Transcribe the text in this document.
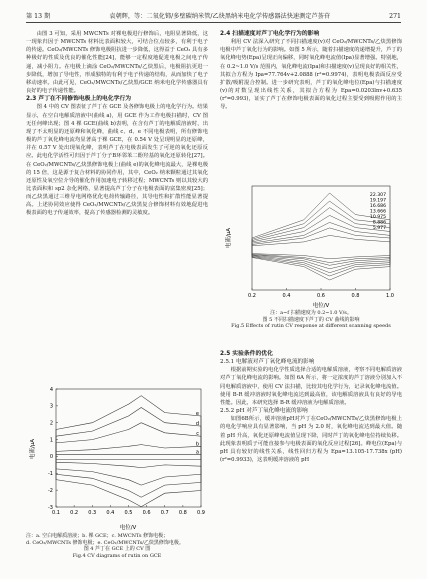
第 13 期	袁朝辉，等：二氧化铈/多壁碳纳米管/乙炔黑纳米电化学传感器法快速测定芦荟苷	271

由图 3 可知，采用 MWCNTs 对裸电极进行修饰后，电阻显著降低，这一现象归因于 MWCNTs 材料比表面积较大，可结合位点较多，有利于电子的传递。CeO₂/MWCNTs 修饰电极阻抗进一步降低，这得益于 CeO₂ 具有多种极好的性质及优良的催化性能[24]，能够一定程度地促进电极之间电子传递，减小阻力。在电极上滴涂 CeO₂/MWCNTs/乙炔黑后，电极阻抗更进一步降低，增加了导电性，形成独特的有利于电子传递的结构，从而加快了电子移动速率。由此可见，CeO₂/MWCNTs/乙炔黑/GCE 纳米电化学传感器具有良好的电子传递性能。

2.3 芦丁在不同修饰电极上的电化学行为

图 4 中的 CV 图表征了芦丁在 GCE 及各修饰电极上的电化学行为。结果显示，在空白电解质溶液中(曲线 a)，用 GCE 作为工作电极扫描时，CV 图无任何峰出现；图 4 裸 GCE(曲线 b)表明，在含有芦丁的电解质溶液时，出现了不太明显的还原峰和氧化峰，曲线 c、d、e 不同电极表明，所有修饰电极的芦丁氧化峰电流均显著高于裸 GCE，在 0.54 V 处呈现明显的还原峰，并在 0.57 V 处出现氧化峰，表明芦丁在电极表面发生了可逆的氧化还原反应。此电化学活性可归因于芦丁分子B环邻苯二酚羟基的氧化还原转化[27]。在 CeO₂/MWCNTs/乙炔黑修饰电极上(曲线 e)的氧化峰电流最大，是裸电极的 15 倍，这是源于复合材料的协同作用，其中，CeO₂ 纳米颗粒通过其氧化还原性及氧空位介导的催化作用加速电子转移过程；MWCNTs 则以其较大的比表面积和 sp2 杂化网络，显著提高芦丁分子在电极表面的富集密度[25]；而乙炔黑通过三维导电网络优化电荷传输路径，其导电性和扩散性能显著提高。上述协同效应使得 CeO₂/MWCNTs/乙炔黑复合修饰材料有效地促进电极表面的电子传递效率，提高了传感器检测的灵敏度。

电流/μA
电位/V
0.1 0.2 0.3 0.4 0.5 0.6 0.7 0.8 0.9
4
3
2
1
0
-1
-2
-3
a
b
c
d
e
注：a. 空白电解质溶液；b. 裸 GCE；c. MWCNTs 修饰电极；
d. CeO₂/MWCNTs 修饰电极；e. CeO₂/MWCNTs/乙炔黑修饰电极。
图 4 芦丁在 GCE 上的 CV 图
Fig.4 CV diagrams of rutin on GCE

2.4 扫描速度对芦丁电化学行为的影响

利用 CV 法深入研究了不同扫描速度(v)对 CeO₂/MWCNTs/乙炔黑修饰电极中芦丁氧化行为的影响。如图 5 所示，随着扫描速度的递增提升，芦丁的氧化峰电势(Epa)呈现正向偏移，同时氧化峰电流值(Ipa)显著增强。特别地，在 0.2~1.0 V/s 范围内，氧化峰电流(Ipa)和扫描速度(v)呈现良好的相关性，其拟合方程为 Ipa=77.764v+2.0888 (r²=0.9974)，表明电极表面反应受扩散/吸附混合控制。进一步研究表明，芦丁的氧化峰电位(Epa)与扫描速度(v)的对数呈现出线性关系，其拟合方程为 Epa=0.0203lnv+0.635 (r²=0.993)，证实了芦丁在修饰电极表面的氧化过程主要受到吸附作用的主导。

电流/μA
电位/V
0.2	0.4	0.6	0.8	1.0
22.307
19.197
16.686
13.666
10.975
8.886
5.977
注：a~f 扫描速度为 0.2~1.0 V/s。
图 5 不同扫描速度下芦丁的 CV 曲线的影响
Fig.5 Effects of rutin CV response at different scanning speeds

2.5 实验条件的优化

2.5.1 电解液对芦丁氧化峰电流的影响

根据前期实验的电化学性质选择合适的电解质溶液，考察不同电解质溶液对芦丁氧化峰电流的影响。如图 6A 所示，将一定浓度的芦丁溶液分别加入不同电解质溶液中，使用 CV 法扫描，比较其电化学行为，记录氧化峰电流值。使用 B-R 缓冲溶液时氧化峰电流达到最高值，该电解质溶液具有良好的导电性能。因此，本研究选择 B-R 缓冲溶液为电解质溶液。

2.5.2 pH 对芦丁氧化峰电流的影响

如图6B所示，缓冲溶液pH对芦丁在CeO₂/MWCNTs/乙炔黑修饰电极上的电化学响应具有显著影响，当 pH 为 2.0 时，氧化峰电流达到最大值。随着 pH 升高，氧化还原峰电流值呈现下降，同时芦丁的氧化峰电位持续负移。此现象表明质子可能直接参与电极表面的氧化反应过程[26]。峰电位(Epa)与 pH 具有较好的线性关系，线性回归方程为 Epa=13.105-17.738x (pH) (r²=0.9933)，这表明缓冲溶液的 pH
